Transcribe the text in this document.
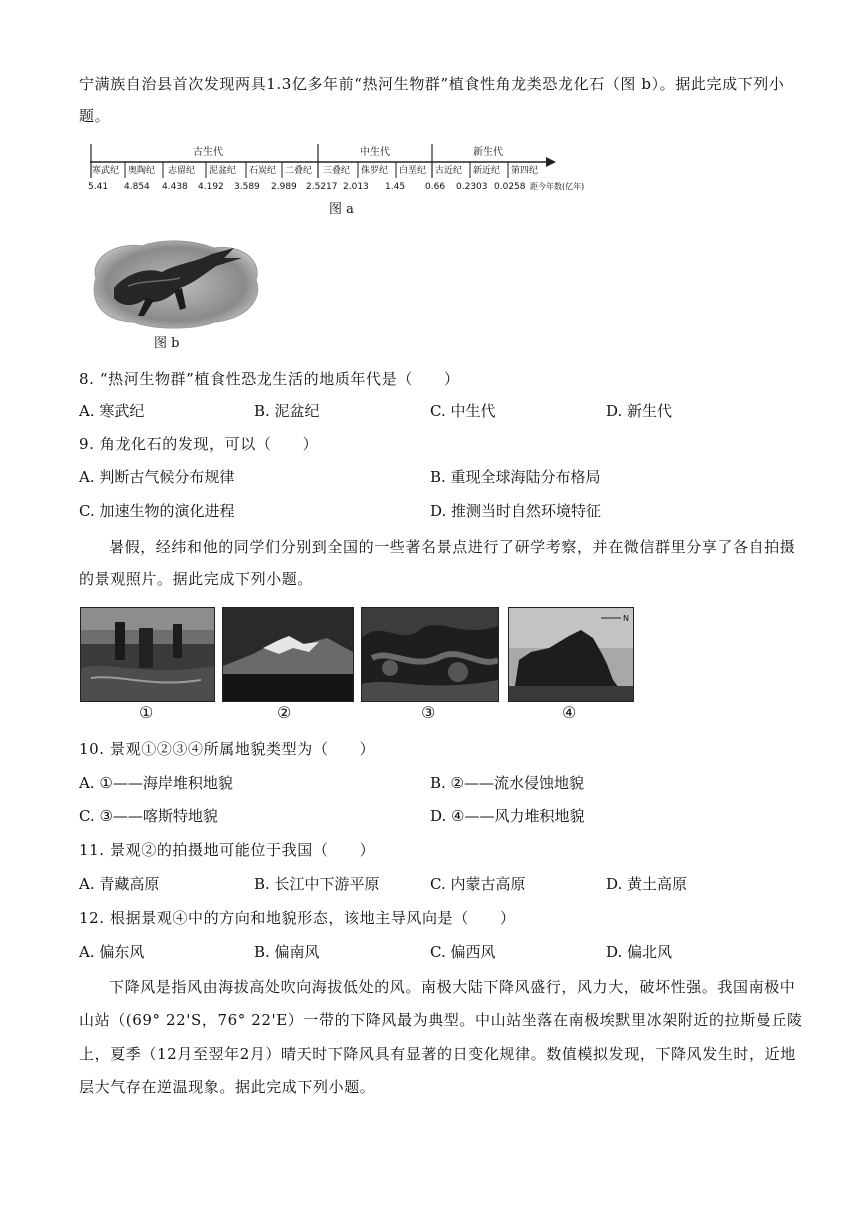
宁满族自治县首次发现两具1.3亿多年前“热河生物群”植食性角龙类恐龙化石（图 b）。据此完成下列小
题。
古生代	中生代	新生代
寒武纪 奥陶纪 志留纪 泥盆纪 石炭纪 二叠纪 三叠纪 侏罗纪 白垩纪 古近纪 新近纪 第四纪
5.41 4.854 4.438 4.192 3.589 2.989 2.5217 2.013 1.45 0.66 0.2303 0.0258 距今年数(亿年)
图 a
图 b
8. “热河生物群”植食性恐龙生活的地质年代是（　　）
A. 寒武纪	B. 泥盆纪	C. 中生代	D. 新生代
9. 角龙化石的发现，可以（　　）
A. 判断古气候分布规律	B. 重现全球海陆分布格局
C. 加速生物的演化进程	D. 推测当时自然环境特征
暑假，经纬和他的同学们分别到全国的一些著名景点进行了研学考察，并在微信群里分享了各自拍摄
的景观照片。据此完成下列小题。
N
①	②	③	④
10. 景观①②③④所属地貌类型为（　　）
A. ①——海岸堆积地貌	B. ②——流水侵蚀地貌
C. ③——喀斯特地貌	D. ④——风力堆积地貌
11. 景观②的拍摄地可能位于我国（　　）
A. 青藏高原	B. 长江中下游平原	C. 内蒙古高原	D. 黄土高原
12. 根据景观④中的方向和地貌形态，该地主导风向是（　　）
A. 偏东风	B. 偏南风	C. 偏西风	D. 偏北风
下降风是指风由海拔高处吹向海拔低处的风。南极大陆下降风盛行，风力大，破坏性强。我国南极中
山站（(69° 22'S，76° 22'E）一带的下降风最为典型。中山站坐落在南极埃默里冰架附近的拉斯曼丘陵
上，夏季（12月至翌年2月）晴天时下降风具有显著的日变化规律。数值模拟发现，下降风发生时，近地
层大气存在逆温现象。据此完成下列小题。
